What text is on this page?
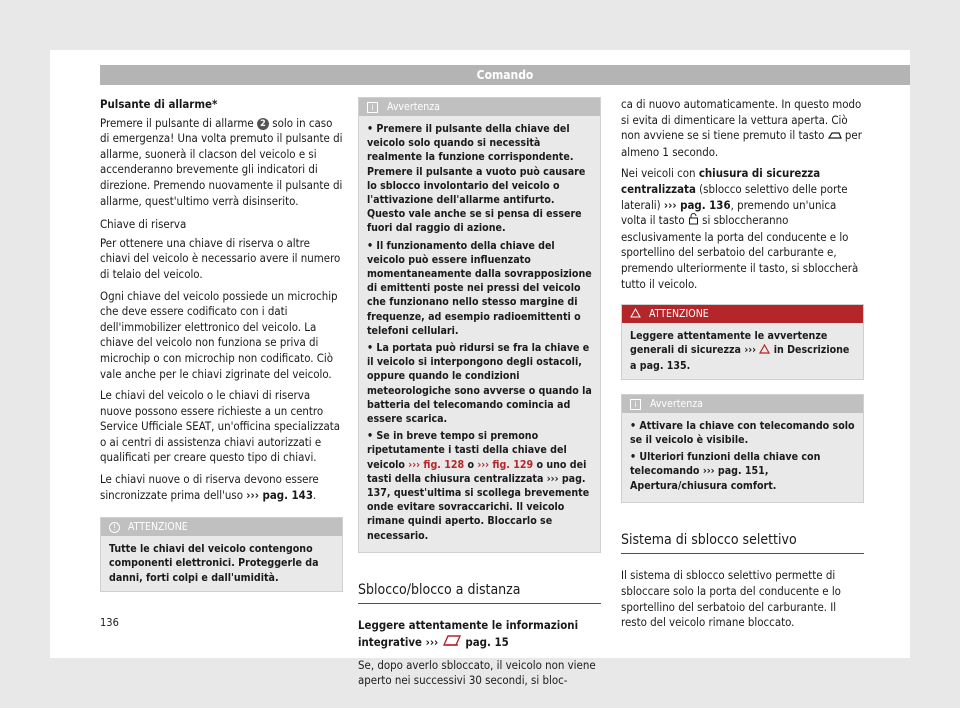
Comando

Pulsante di allarme*

Premere il pulsante di allarme 2 solo in caso di emergenza! Una volta premuto il pulsante di allarme, suonerà il clacson del veicolo e si accenderanno brevemente gli indicatori di direzione. Premendo nuovamente il pulsante di allarme, quest'ultimo verrà disinserito.

Chiave di riserva

Per ottenere una chiave di riserva o altre chiavi del veicolo è necessario avere il numero di telaio del veicolo.

Ogni chiave del veicolo possiede un microchip che deve essere codificato con i dati dell'immobilizer elettronico del veicolo. La chiave del veicolo non funziona se priva di microchip o con microchip non codificato. Ciò vale anche per le chiavi zigrinate del veicolo.

Le chiavi del veicolo o le chiavi di riserva nuove possono essere richieste a un centro Service Ufficiale SEAT, un'officina specializzata o ai centri di assistenza chiavi autorizzati e qualificati per creare questo tipo di chiavi.

Le chiavi nuove o di riserva devono essere sincronizzate prima dell'uso ››› pag. 143.

! ATTENZIONE
Tutte le chiavi del veicolo contengono componenti elettronici. Proteggerle da danni, forti colpi e dall'umidità.
i Avvertenza

• Premere il pulsante della chiave del veicolo solo quando si necessità realmente la funzione corrispondente. Premere il pulsante a vuoto può causare lo sblocco involontario del veicolo o l'attivazione dell'allarme antifurto. Questo vale anche se si pensa di essere fuori dal raggio di azione.

• Il funzionamento della chiave del veicolo può essere influenzato momentaneamente dalla sovrapposizione di emittenti poste nei pressi del veicolo che funzionano nello stesso margine di frequenze, ad esempio radioemittenti o telefoni cellulari.

• La portata può ridursi se fra la chiave e il veicolo si interpongono degli ostacoli, oppure quando le condizioni meteorologiche sono avverse o quando la batteria del telecomando comincia ad essere scarica.

• Se in breve tempo si premono ripetutamente i tasti della chiave del veicolo ››› fig. 128 o ››› fig. 129 o uno dei tasti della chiusura centralizzata ››› pag. 137, quest'ultima si scollega brevemente onde evitare sovraccarichi. Il veicolo rimane quindi aperto. Bloccarlo se necessario.

Sblocco/blocco a distanza

Leggere attentamente le informazioni integrative ››› pag. 15

Se, dopo averlo sbloccato, il veicolo non viene aperto nei successivi 30 secondi, si bloc-

ca di nuovo automaticamente. In questo modo si evita di dimenticare la vettura aperta. Ciò non avviene se si tiene premuto il tasto per almeno 1 secondo.

Nei veicoli con chiusura di sicurezza centralizzata (sblocco selettivo delle porte laterali) ››› pag. 136, premendo un'unica volta il tasto si sbloccheranno esclusivamente la porta del conducente e lo sportellino del serbatoio del carburante e, premendo ulteriormente il tasto, si sbloccherà tutto il veicolo.

ATTENZIONE
Leggere attentamente le avvertenze generali di sicurezza ››› in Descrizione a pag. 135.
i Avvertenza

• Attivare la chiave con telecomando solo se il veicolo è visibile.

• Ulteriori funzioni della chiave con telecomando ››› pag. 151, Apertura/chiusura comfort.

Sistema di sblocco selettivo

Il sistema di sblocco selettivo permette di sbloccare solo la porta del conducente e lo sportellino del serbatoio del carburante. Il resto del veicolo rimane bloccato.

136
